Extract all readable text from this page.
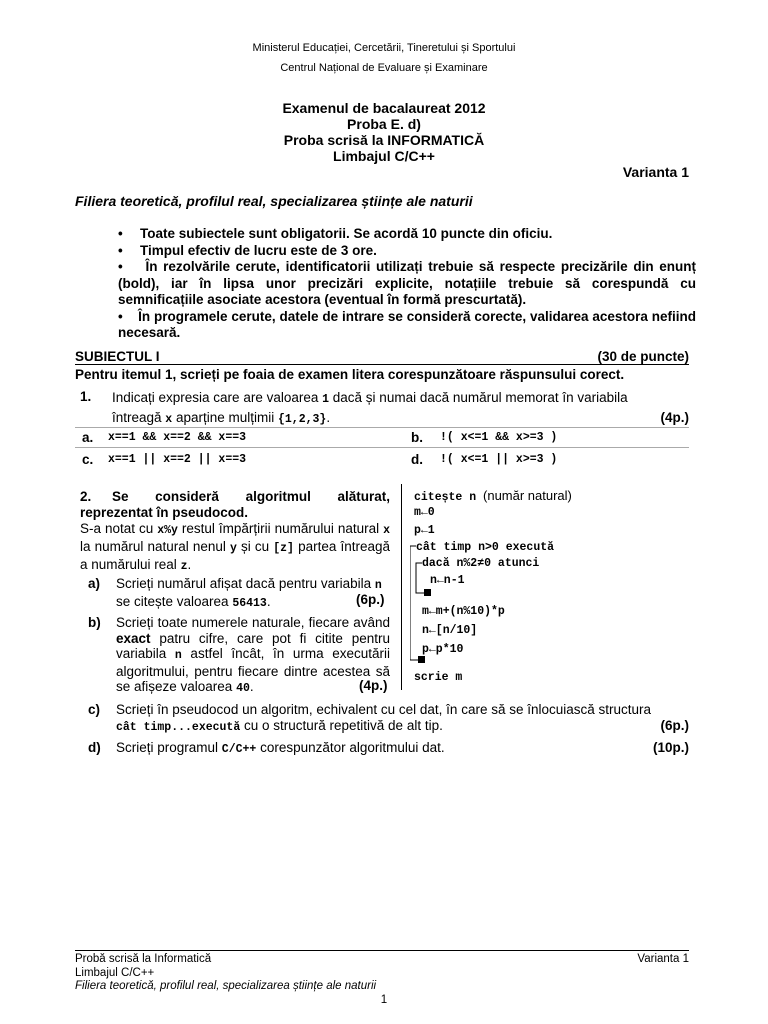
Ministerul Educației, Cercetării, Tineretului și Sportului
Centrul Național de Evaluare și Examinare
Examenul de bacalaureat 2012
Proba E. d)
Proba scrisă la INFORMATICĂ
Limbajul C/C++
Varianta 1
Filiera teoretică, profilul real, specializarea științe ale naturii
•	Toate subiectele sunt obligatorii. Se acordă 10 puncte din oficiu.
•	Timpul efectiv de lucru este de 3 ore.
•    În rezolvările cerute, identificatorii utilizați trebuie să respecte precizările din enunț (bold), iar în lipsa unor precizări explicite, notațiile trebuie să corespundă cu semnificațiile asociate acestora (eventual în formă prescurtată).
•    În programele cerute, datele de intrare se consideră corecte, validarea acestora nefiind necesară.
SUBIECTUL I	(30 de puncte)
Pentru itemul 1, scrieți pe foaia de examen litera corespunzătoare răspunsului corect.
1. Indicați expresia care are valoarea 1 dacă și numai dacă numărul memorat în variabila
întreagă x aparține mulțimii {1,2,3}.	(4p.)
a. x==1 && x==2 && x==3	b. !( x<=1 && x>=3 )
c. x==1 || x==2 || x==3	d. !( x<=1 || x>=3 )
2.	Se consideră algoritmul alăturat, reprezentat în pseudocod.
S-a notat cu x%y restul împărțirii numărului natural x la numărul natural nenul y și cu [z] partea întreagă a numărului real z.
a) Scrieți numărul afișat dacă pentru variabila n se citește valoarea 56413.	(6p.)
b) Scrieți toate numerele naturale, fiecare având exact patru cifre, care pot fi citite pentru variabila n astfel încât, în urma executării algoritmului, pentru fiecare dintre acestea să se afișeze valoarea 40.	(4p.)
citește n (număr natural)
m←0
p←1
cât timp n>0 execută
dacă n%2≠0 atunci
n←n-1
m←m+(n%10)*p
n←[n/10]
p←p*10
scrie m
c) Scrieți în pseudocod un algoritm, echivalent cu cel dat, în care să se înlocuiască structura
cât timp...execută cu o structură repetitivă de alt tip.	(6p.)
d) Scrieți programul C/C++ corespunzător algoritmului dat.	(10p.)
Probă scrisă la Informatică	Varianta 1
Limbajul C/C++
Filiera teoretică, profilul real, specializarea științe ale naturii
1
